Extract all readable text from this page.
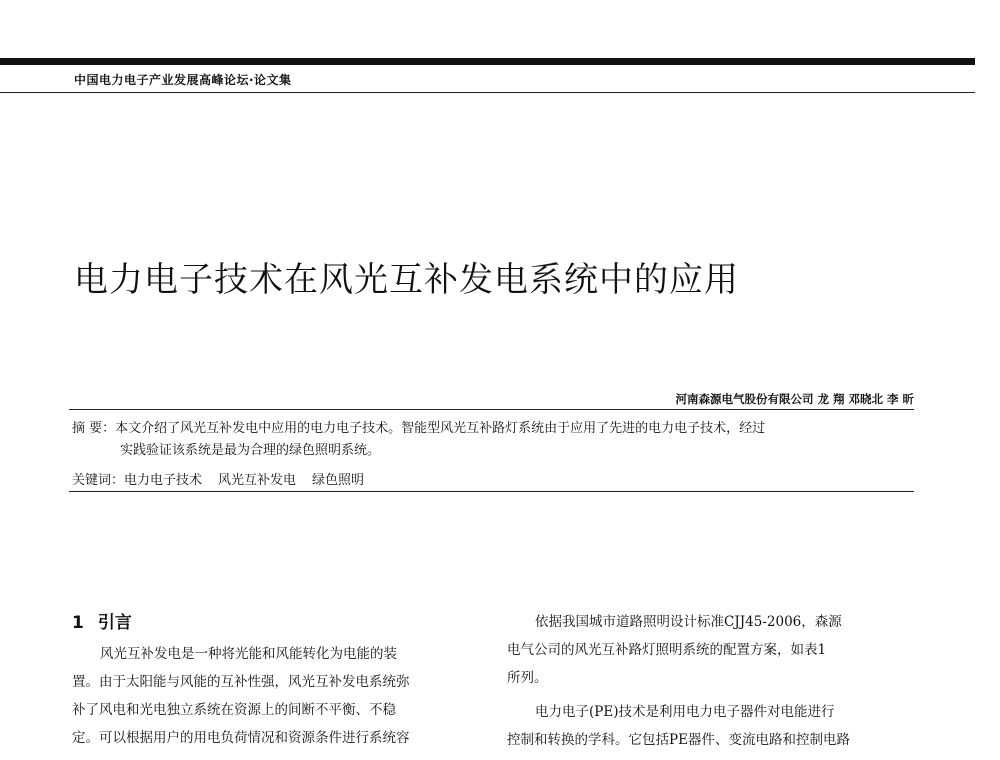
中国电力电子产业发展高峰论坛·论文集
电力电子技术在风光互补发电系统中的应用
河南森源电气股份有限公司 龙 翔 邓晓北 李 昕
摘 要：本文介绍了风光互补发电中应用的电力电子技术。智能型风光互补路灯系统由于应用了先进的电力电子技术，经过
实践验证该系统是最为合理的绿色照明系统。
关键词：电力电子技术 风光互补发电 绿色照明
1 引言
风光互补发电是一种将光能和风能转化为电能的装
置。由于太阳能与风能的互补性强，风光互补发电系统弥
补了风电和光电独立系统在资源上的间断不平衡、不稳
定。可以根据用户的用电负荷情况和资源条件进行系统容
依据我国城市道路照明设计标准CJJ45-2006，森源
电气公司的风光互补路灯照明系统的配置方案，如表1
所列。
电力电子(PE)技术是利用电力电子器件对电能进行
控制和转换的学科。它包括PE器件、变流电路和控制电路
